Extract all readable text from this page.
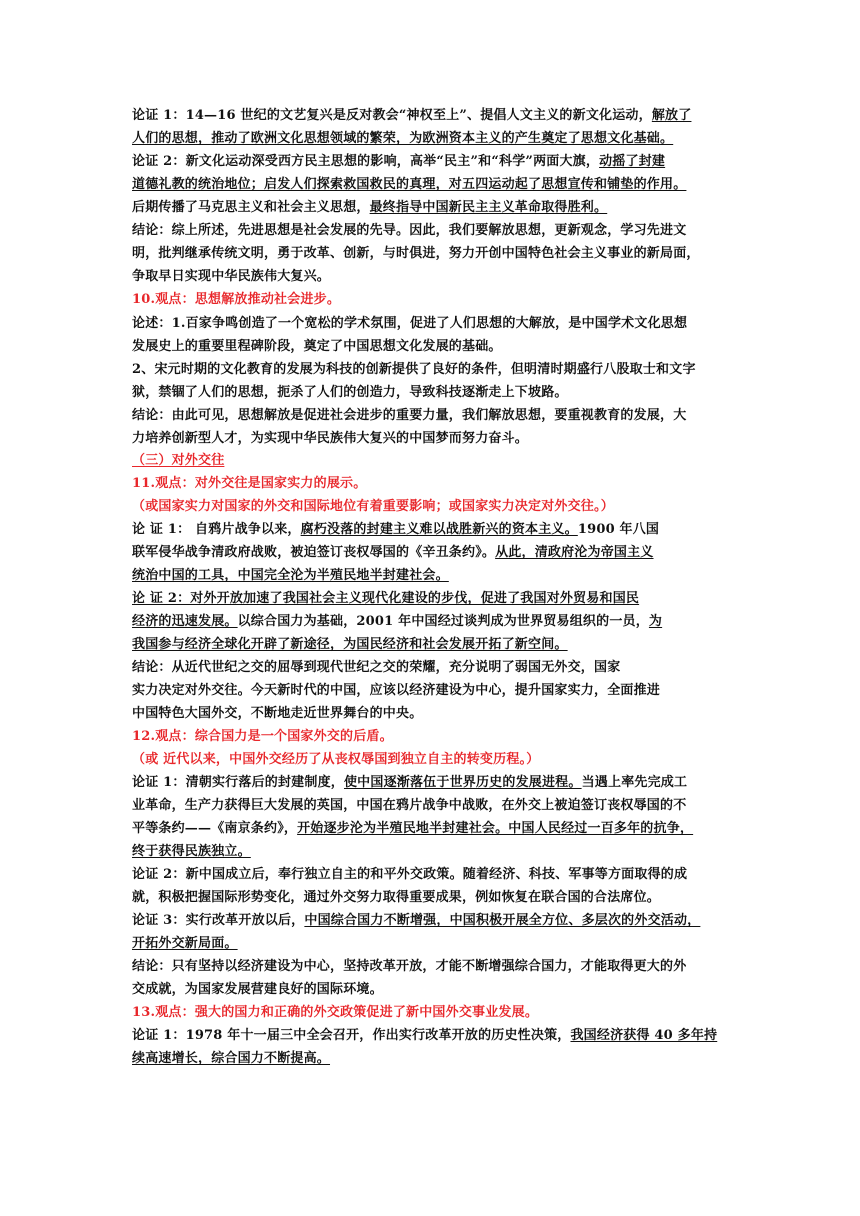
论证 1：14—16 世纪的文艺复兴是反对教会“神权至上”、提倡人文主义的新文化运动，解放了
人们的思想，推动了欧洲文化思想领域的繁荣，为欧洲资本主义的产生奠定了思想文化基础。
论证 2：新文化运动深受西方民主思想的影响，高举“民主”和“科学”两面大旗，动摇了封建
道德礼教的统治地位；启发人们探索救国救民的真理，对五四运动起了思想宣传和铺垫的作用。
后期传播了马克思主义和社会主义思想，最终指导中国新民主主义革命取得胜利。
结论：综上所述，先进思想是社会发展的先导。因此，我们要解放思想，更新观念，学习先进文
明，批判继承传统文明，勇于改革、创新，与时俱进，努力开创中国特色社会主义事业的新局面，
争取早日实现中华民族伟大复兴。
10.观点：思想解放推动社会进步。
论述：1.百家争鸣创造了一个宽松的学术氛围，促进了人们思想的大解放，是中国学术文化思想
发展史上的重要里程碑阶段，奠定了中国思想文化发展的基础。
2、宋元时期的文化教育的发展为科技的创新提供了良好的条件，但明清时期盛行八股取士和文字
狱，禁锢了人们的思想，扼杀了人们的创造力，导致科技逐渐走上下坡路。
结论：由此可见，思想解放是促进社会进步的重要力量，我们解放思想，要重视教育的发展，大
力培养创新型人才，为实现中华民族伟大复兴的中国梦而努力奋斗。
（三）对外交往
11.观点：对外交往是国家实力的展示。
（或国家实力对国家的外交和国际地位有着重要影响；或国家实力决定对外交往。）
论 证 1： 自鸦片战争以来，腐朽没落的封建主义难以战胜新兴的资本主义。1900 年八国
联军侵华战争清政府战败，被迫签订丧权辱国的《辛丑条约》。从此，清政府沦为帝国主义
统治中国的工具，中国完全沦为半殖民地半封建社会。
论 证 2：对外开放加速了我国社会主义现代化建设的步伐，促进了我国对外贸易和国民
经济的迅速发展。以综合国力为基础，2001 年中国经过谈判成为世界贸易组织的一员，为
我国参与经济全球化开辟了新途径，为国民经济和社会发展开拓了新空间。
结论：从近代世纪之交的屈辱到现代世纪之交的荣耀，充分说明了弱国无外交，国家
实力决定对外交往。今天新时代的中国，应该以经济建设为中心，提升国家实力，全面推进
中国特色大国外交，不断地走近世界舞台的中央。
12.观点：综合国力是一个国家外交的后盾。
（或 近代以来，中国外交经历了从丧权辱国到独立自主的转变历程。）
论证 1：清朝实行落后的封建制度，使中国逐渐落伍于世界历史的发展进程。当遇上率先完成工
业革命，生产力获得巨大发展的英国，中国在鸦片战争中战败，在外交上被迫签订丧权辱国的不
平等条约——《南京条约》，开始逐步沦为半殖民地半封建社会。中国人民经过一百多年的抗争，
终于获得民族独立。
论证 2：新中国成立后，奉行独立自主的和平外交政策。随着经济、科技、军事等方面取得的成
就，积极把握国际形势变化，通过外交努力取得重要成果，例如恢复在联合国的合法席位。
论证 3：实行改革开放以后，中国综合国力不断增强，中国积极开展全方位、多层次的外交活动，
开拓外交新局面。
结论：只有坚持以经济建设为中心，坚持改革开放，才能不断增强综合国力，才能取得更大的外
交成就，为国家发展营建良好的国际环境。
13.观点：强大的国力和正确的外交政策促进了新中国外交事业发展。
论证 1：1978 年十一届三中全会召开，作出实行改革开放的历史性决策，我国经济获得 40 多年持
续高速增长，综合国力不断提高。
